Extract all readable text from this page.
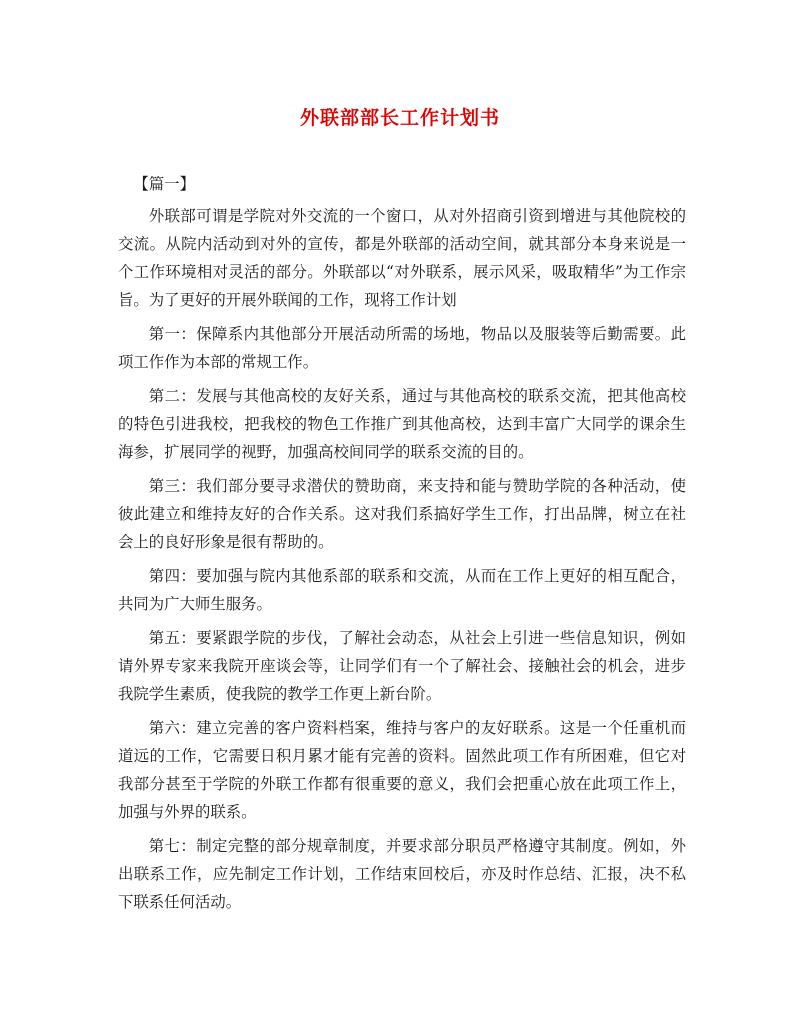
外联部部长工作计划书

【篇一】

外联部可谓是学院对外交流的一个窗口，从对外招商引资到增进与其他院校的交流。从院内活动到对外的宣传，都是外联部的活动空间，就其部分本身来说是一个工作环境相对灵活的部分。外联部以“对外联系，展示风采，吸取精华”为工作宗旨。为了更好的开展外联闻的工作，现将工作计划

第一：保障系内其他部分开展活动所需的场地，物品以及服装等后勤需要。此项工作作为本部的常规工作。

第二：发展与其他高校的友好关系，通过与其他高校的联系交流，把其他高校的特色引进我校，把我校的物色工作推广到其他高校，达到丰富广大同学的课余生海参，扩展同学的视野，加强高校间同学的联系交流的目的。

第三：我们部分要寻求潜伏的赞助商，来支持和能与赞助学院的各种活动，使彼此建立和维持友好的合作关系。这对我们系搞好学生工作，打出品牌，树立在社会上的良好形象是很有帮助的。

第四：要加强与院内其他系部的联系和交流，从而在工作上更好的相互配合，共同为广大师生服务。

第五：要紧跟学院的步伐，了解社会动态，从社会上引进一些信息知识，例如请外界专家来我院开座谈会等，让同学们有一个了解社会、接触社会的机会，进步我院学生素质，使我院的教学工作更上新台阶。

第六：建立完善的客户资料档案，维持与客户的友好联系。这是一个任重机而道远的工作，它需要日积月累才能有完善的资料。固然此项工作有所困难，但它对我部分甚至于学院的外联工作都有很重要的意义，我们会把重心放在此项工作上，加强与外界的联系。

第七：制定完整的部分规章制度，并要求部分职员严格遵守其制度。例如，外出联系工作，应先制定工作计划，工作结束回校后，亦及时作总结、汇报，决不私下联系任何活动。
